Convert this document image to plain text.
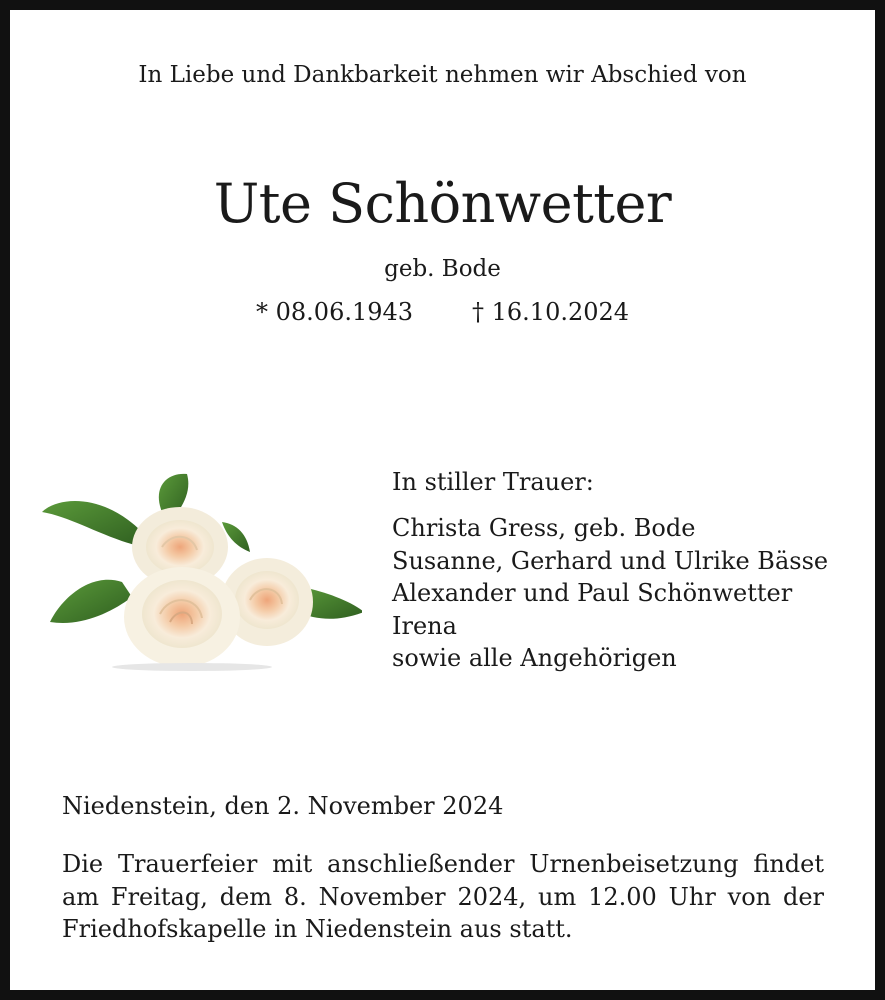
In Liebe und Dankbarkeit nehmen wir Abschied von
Ute Schönwetter
geb. Bode
* 08.06.1943 † 16.10.2024
In stiller Trauer:
Christa Gress, geb. Bode
Susanne, Gerhard und Ulrike Bässe
Alexander und Paul Schönwetter
Irena
sowie alle Angehörigen
Niedenstein, den 2. November 2024
Die Trauerfeier mit anschließender Urnenbeisetzung findet
am Freitag, dem 8. November 2024, um 12.00 Uhr von der
Friedhofskapelle in Niedenstein aus statt.
